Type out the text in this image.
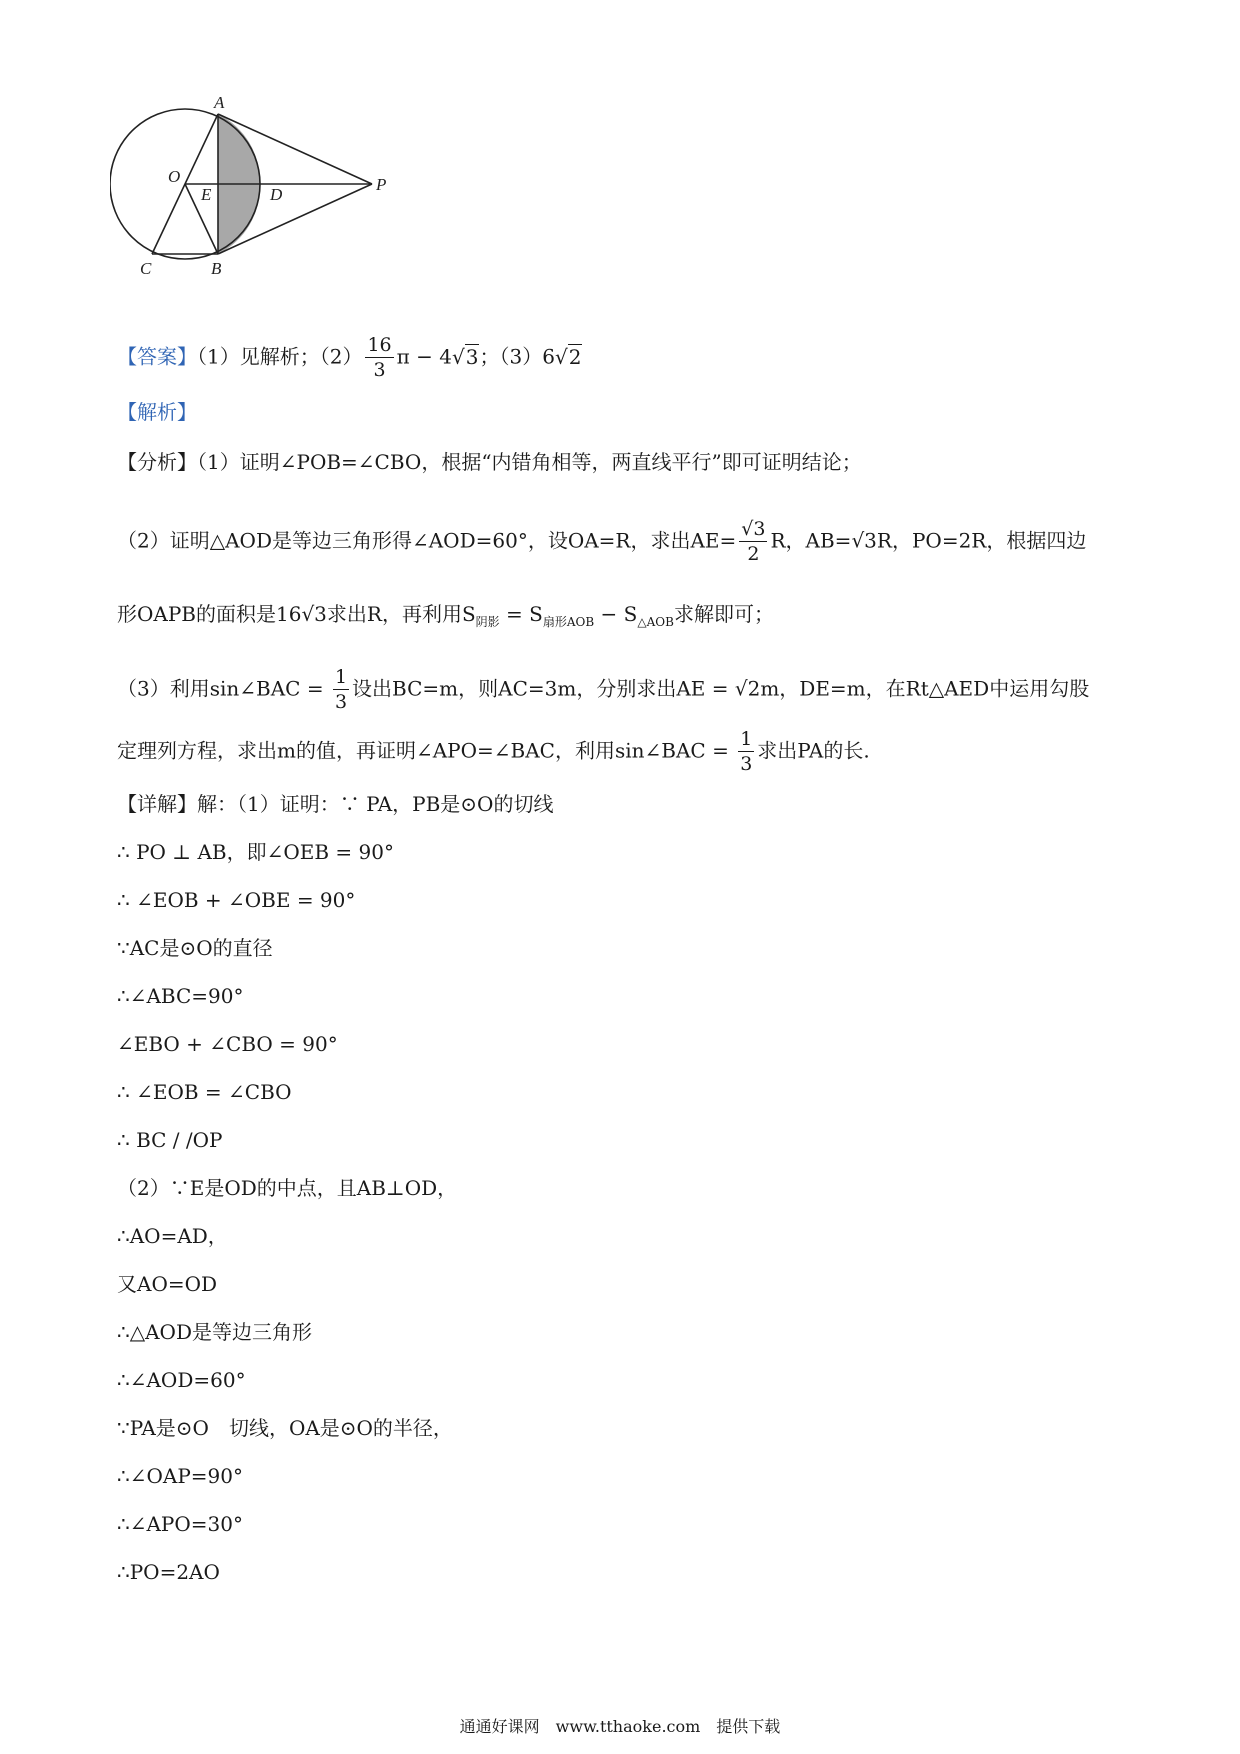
A
O
E	D
P
C	B
【答案】（1）见解析；$(2) \frac{16}{3}$ π − 4√3；（3）6√2
【解析】
【分析】（1）证明∠POB=∠CBO，根据“内错角相等，两直线平行”即可证明结论；
（2）证明△AOD是等边三角形得∠AOD=60°，设OA=R，求出$AE= \frac{√3}{2}$ R，AB=√3R，PO=2R，根据四边
形OAPB的面积是16√3求出R，再利用$S_{阴影} = S_{扇形AOB} - S_{\triangle AOB}$求解即可；
（3）利用sin∠BAC = $\frac{1}{3}$ 设出BC=m，则AC=3m，分别求出AE = √2m，DE=m，在Rt△AED中运用勾股
定理列方程，求出m的值，再证明∠APO=∠BAC，利用sin∠BAC = $\frac{1}{3}$ 求出PA的长.
【详解】解：（1）证明：∵ PA，PB是⊙O的切线
∴ PO ⊥ AB，即∠OEB = 90°
∴ ∠EOB + ∠OBE = 90°
∵AC是⊙O的直径
∴∠ABC=90°
∠EBO + ∠CBO = 90°
∴ ∠EOB = ∠CBO
∴ BC / /OP
（2）∵E是OD的中点，且AB⊥OD，
∴AO=AD，
又AO=OD
∴△AOD是等边三角形
∴∠AOD=60°
∵PA是⊙O　切线，OA是⊙O的半径，
∴∠OAP=90°
∴∠APO=30°
∴PO=2AO
通通好课网　www.tthaoke.com　提供下载
